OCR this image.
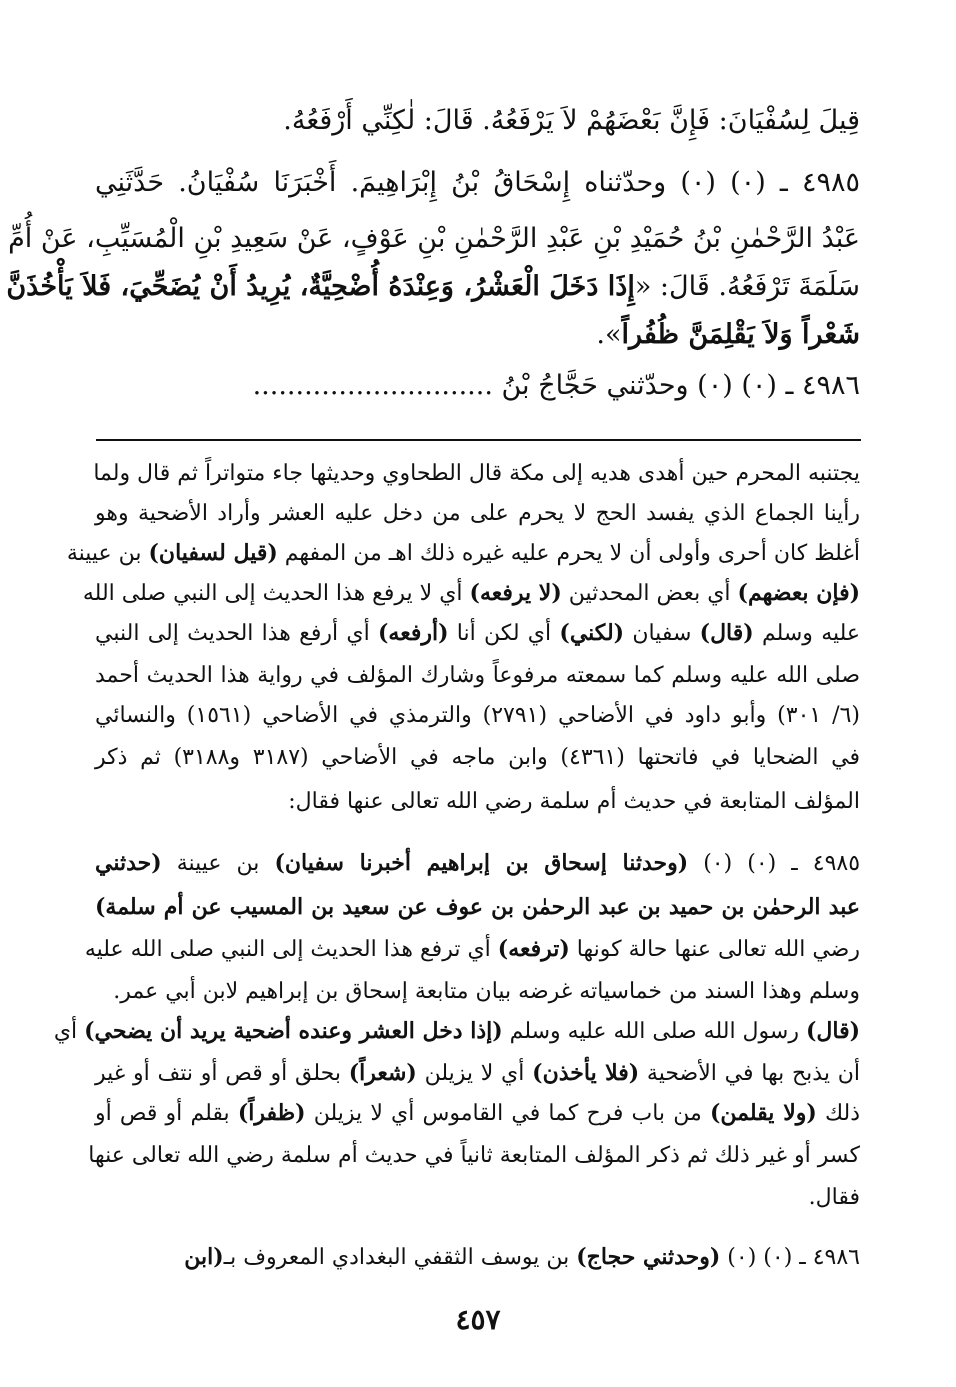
قِيلَ لِسُفْيَانَ: فَإِنَّ بَعْضَهُمْ لاَ يَرْفَعُهُ. قَالَ: لٰكِنِّي أَرْفَعُهُ.
٤٩٨٥ ـ (٠) (٠) وحدّثناه إِسْحَاقُ بْنُ إِبْرَاهِيمَ. أَخْبَرَنَا سُفْيَانُ. حَدَّثَنِي
عَبْدُ الرَّحْمٰنِ بْنُ حُمَيْدِ بْنِ عَبْدِ الرَّحْمٰنِ بْنِ عَوْفٍ، عَنْ سَعِيدِ بْنِ الْمُسَيِّبِ، عَنْ أُمِّ
سَلَمَةَ تَرْفَعُهُ. قَالَ: «إِذَا دَخَلَ الْعَشْرُ، وَعِنْدَهُ أُضْحِيَّةٌ، يُرِيدُ أَنْ يُضَحِّيَ، فَلاَ يَأْخُذَنَّ
شَعْراً وَلاَ يَقْلِمَنَّ ظُفُراً».
٤٩٨٦ ـ (٠) (٠) وحدّثني حَجَّاجُ بْنُ ............................
يجتنبه المحرم حين أهدى هديه إلى مكة قال الطحاوي وحديثها جاء متواتراً ثم قال ولما
رأينا الجماع الذي يفسد الحج لا يحرم على من دخل عليه العشر وأراد الأضحية وهو
أغلظ كان أحرى وأولى أن لا يحرم عليه غيره ذلك اهـ من المفهم (قيل لسفيان) بن عيينة
(فإن بعضهم) أي بعض المحدثين (لا يرفعه) أي لا يرفع هذا الحديث إلى النبي صلى الله
عليه وسلم (قال) سفيان (لكني) أي لكن أنا (أرفعه) أي أرفع هذا الحديث إلى النبي
صلى الله عليه وسلم كما سمعته مرفوعاً وشارك المؤلف في رواية هذا الحديث أحمد
(٦/ ٣٠١) وأبو داود في الأضاحي (٢٧٩١) والترمذي في الأضاحي (١٥٦١) والنسائي
في الضحايا في فاتحتها (٤٣٦١) وابن ماجه في الأضاحي (٣١٨٧ و٣١٨٨) ثم ذكر
المؤلف المتابعة في حديث أم سلمة رضي الله تعالى عنها فقال:
٤٩٨٥ ـ (٠) (٠) (وحدثنا إسحاق بن إبراهيم أخبرنا سفيان) بن عيينة (حدثني
عبد الرحمٰن بن حميد بن عبد الرحمٰن بن عوف عن سعيد بن المسيب عن أم سلمة)
رضي الله تعالى عنها حالة كونها (ترفعه) أي ترفع هذا الحديث إلى النبي صلى الله عليه
وسلم وهذا السند من خماسياته غرضه بيان متابعة إسحاق بن إبراهيم لابن أبي عمر.
(قال) رسول الله صلى الله عليه وسلم (إذا دخل العشر وعنده أضحية يريد أن يضحي) أي
أن يذبح بها في الأضحية (فلا يأخذن) أي لا يزيلن (شعراً) بحلق أو قص أو نتف أو غير
ذلك (ولا يقلمن) من باب فرح كما في القاموس أي لا يزيلن (ظفراً) بقلم أو قص أو
كسر أو غير ذلك ثم ذكر المؤلف المتابعة ثانياً في حديث أم سلمة رضي الله تعالى عنها
فقال.
٤٩٨٦ ـ (٠) (٠) (وحدثني حجاج) بن يوسف الثقفي البغدادي المعروف بـ(ابن
٤٥٧
